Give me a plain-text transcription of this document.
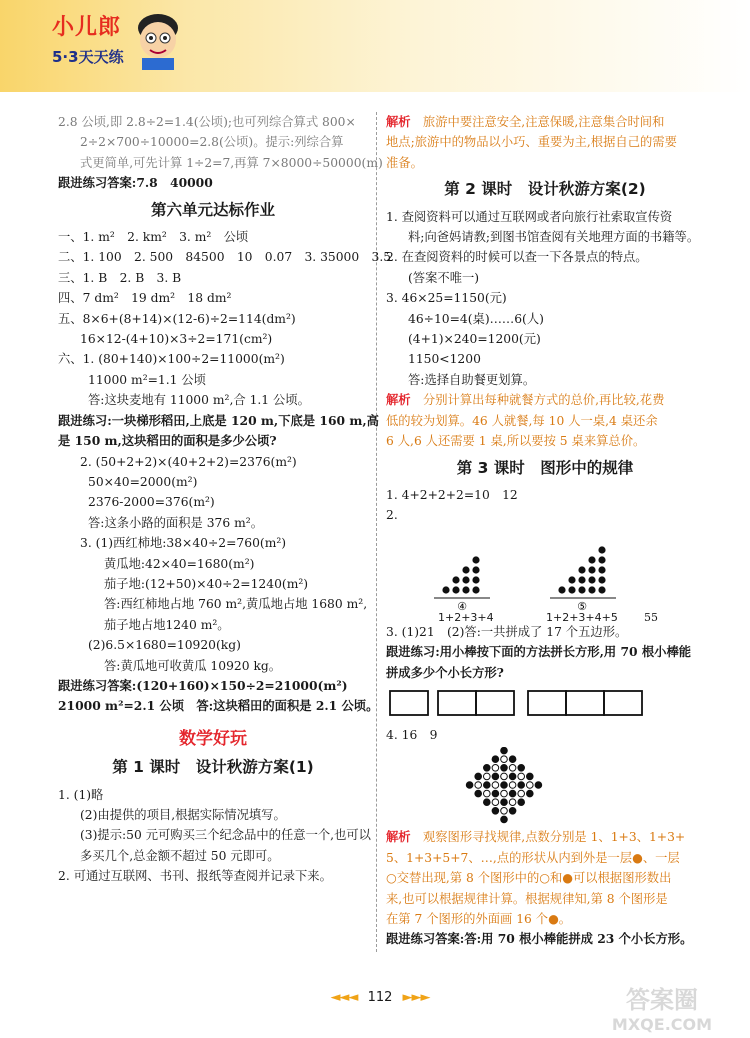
小儿郎
5·3天天练
2.8 公顷,即 2.8÷2=1.4(公顷);也可列综合算式 800×
2÷2×700÷10000=2.8(公顷)。提示:列综合算
式更简单,可先计算 1÷2=7,再算 7×8000÷50000(m)
跟进练习答案:7.8　40000
第六单元达标作业
一、1. m²　2. km²　3. m²　公顷
二、1. 100　2. 500　84500　10　0.07　3. 35000　3.5
三、1. B　2. B　3. B
四、7 dm²　19 dm²　18 dm²
五、8×6+(8+14)×(12-6)÷2=114(dm²)
16×12-(4+10)×3÷2=171(cm²)
六、1. (80+140)×100÷2=11000(m²)
11000 m²=1.1 公顷
答:这块麦地有 11000 m²,合 1.1 公顷。
跟进练习:一块梯形稻田,上底是 120 m,下底是 160 m,高
是 150 m,这块稻田的面积是多少公顷?
2. (50+2+2)×(40+2+2)=2376(m²)
50×40=2000(m²)
2376-2000=376(m²)
答:这条小路的面积是 376 m²。
3. (1)西红柿地:38×40÷2=760(m²)
黄瓜地:42×40=1680(m²)
茄子地:(12+50)×40÷2=1240(m²)
答:西红柿地占地 760 m²,黄瓜地占地 1680 m²,
茄子地占地1240 m²。
(2)6.5×1680=10920(kg)
答:黄瓜地可收黄瓜 10920 kg。
跟进练习答案:(120+160)×150÷2=21000(m²)
21000 m²=2.1 公顷　答:这块稻田的面积是 2.1 公顷。
数学好玩
第 1 课时　设计秋游方案(1)
1. (1)略
(2)由提供的项目,根据实际情况填写。
(3)提示:50 元可购买三个纪念品中的任意一个,也可以
多买几个,总金额不超过 50 元即可。
2. 可通过互联网、书刊、报纸等查阅并记录下来。
解析　 旅游中要注意安全,注意保暖,注意集合时间和
地点;旅游中的物品以小巧、重要为主,根据自己的需要
准备。
第 2 课时　设计秋游方案(2)
1. 查阅资料可以通过互联网或者向旅行社索取宣传资
料;向爸妈请教;到图书馆查阅有关地理方面的书籍等。
2. 在查阅资料的时候可以查一下各景点的特点。
(答案不唯一)
3. 46×25=1150(元)
46÷10=4(桌)……6(人)
(4+1)×240=1200(元)
1150<1200
答:选择自助餐更划算。
解析　 分别计算出每种就餐方式的总价,再比较,花费
低的较为划算。46 人就餐,每 10 人一桌,4 桌还余
6 人,6 人还需要 1 桌,所以要按 5 桌来算总价。
第 3 课时　图形中的规律
1. 4+2+2+2=10　12
2.
④	⑤
1+2+3+4	1+2+3+4+5 55
3. (1)21　(2)答:一共拼成了 17 个五边形。
跟进练习:用小棒按下面的方法拼长方形,用 70 根小棒能
拼成多少个小长方形?
4. 16　9
解析　 观察图形寻找规律,点数分别是 1、1+3、1+3+
5、1+3+5+7、…,点的形状从内到外是一层●、一层
○交替出现,第 8 个图形中的○和●可以根据图形数出
来,也可以根据规律计算。根据规律知,第 8 个图形是
在第 7 个图形的外面画 16 个●。
跟进练习答案:答:用 70 根小棒能拼成 23 个小长方形。
◄◄◄ 112 ►►►	答案圈
MXQE.COM
